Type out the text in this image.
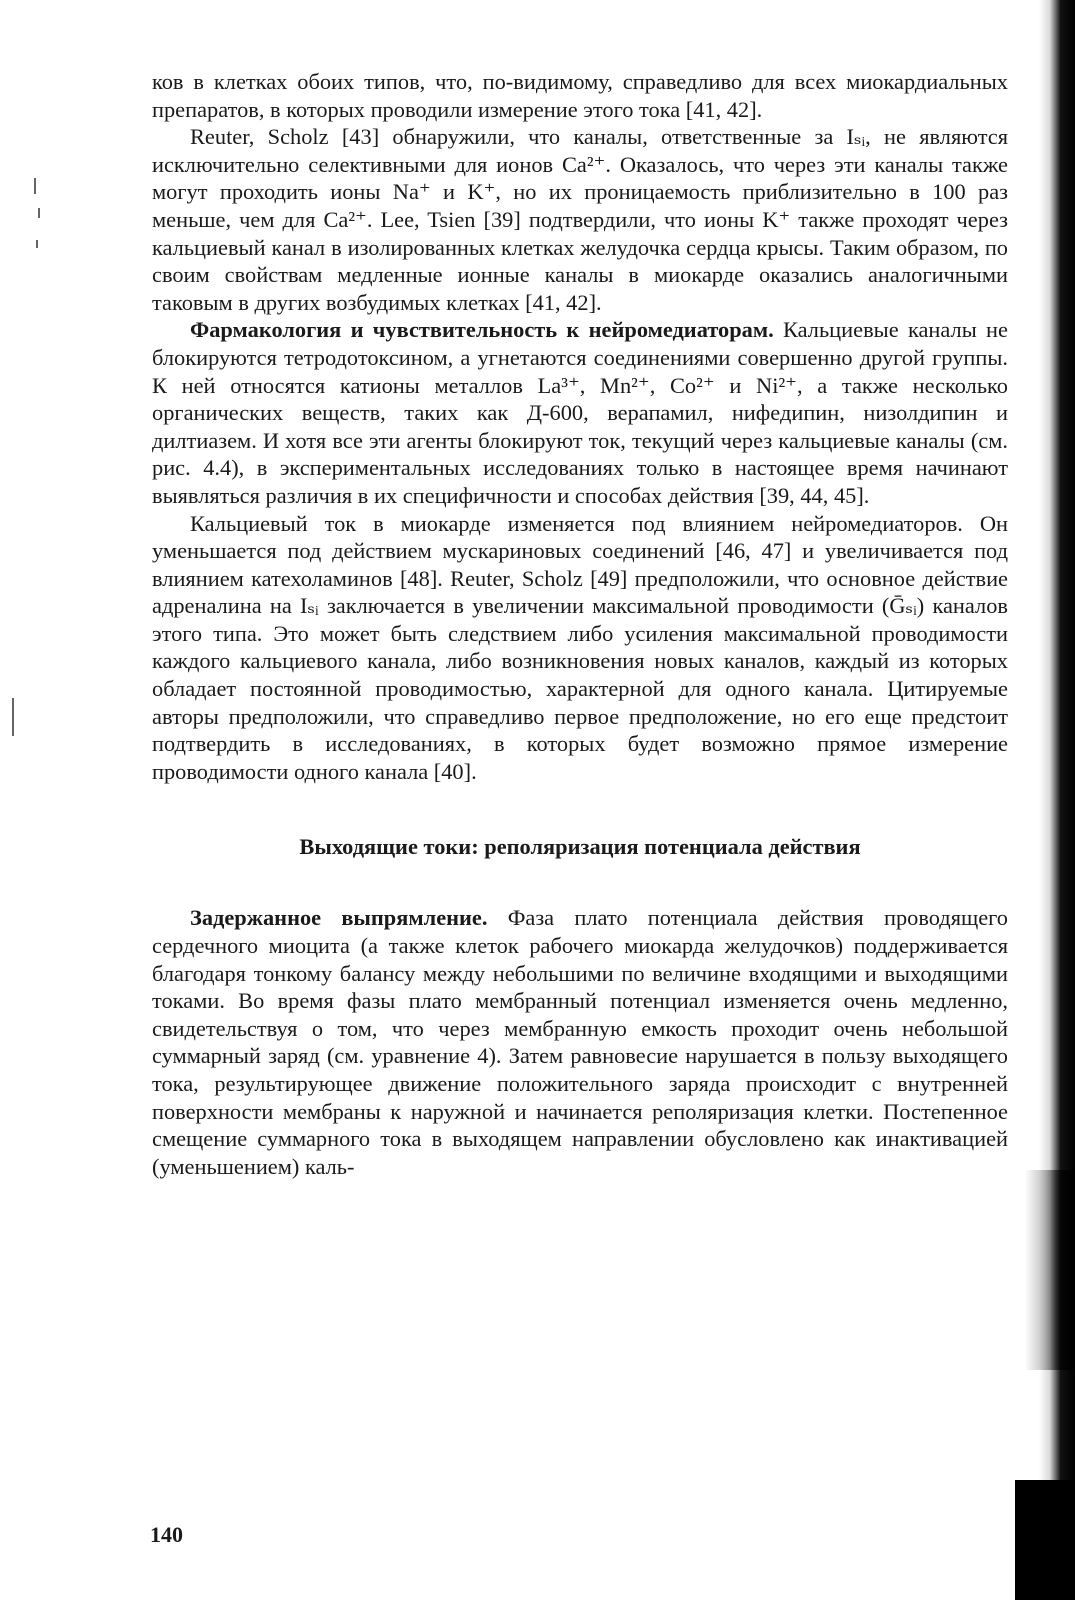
ков в клетках обоих типов, что, по-видимому, справедливо для всех миокардиальных препаратов, в которых проводили измерение этого тока [41, 42].

Reuter, Scholz [43] обнаружили, что каналы, ответственные за Iₛᵢ, не являются исключительно селективными для ионов Ca²⁺. Оказалось, что через эти каналы также могут проходить ионы Na⁺ и K⁺, но их проницаемость приблизительно в 100 раз меньше, чем для Ca²⁺. Lee, Tsien [39] подтвердили, что ионы K⁺ также проходят через кальциевый канал в изолированных клетках желудочка сердца крысы. Таким образом, по своим свойствам медленные ионные каналы в миокарде оказались аналогичными таковым в других возбудимых клетках [41, 42].

Фармакология и чувствительность к нейромедиаторам. Кальциевые каналы не блокируются тетродотоксином, а угнетаются соединениями совершенно другой группы. К ней относятся катионы металлов La³⁺, Mn²⁺, Co²⁺ и Ni²⁺, а также несколько органических веществ, таких как Д-600, верапамил, нифедипин, низолдипин и дилтиазем. И хотя все эти агенты блокируют ток, текущий через кальциевые каналы (см. рис. 4.4), в экспериментальных исследованиях только в настоящее время начинают выявляться различия в их специфичности и способах действия [39, 44, 45].

Кальциевый ток в миокарде изменяется под влиянием нейромедиаторов. Он уменьшается под действием мускариновых соединений [46, 47] и увеличивается под влиянием катехоламинов [48]. Reuter, Scholz [49] предположили, что основное действие адреналина на Iₛᵢ заключается в увеличении максимальной проводимости (Ḡₛᵢ) каналов этого типа. Это может быть следствием либо усиления максимальной проводимости каждого кальциевого канала, либо возникновения новых каналов, каждый из которых обладает постоянной проводимостью, характерной для одного канала. Цитируемые авторы предположили, что справедливо первое предположение, но его еще предстоит подтвердить в исследованиях, в которых будет возможно прямое измерение проводимости одного канала [40].

Выходящие токи: реполяризация потенциала действия

Задержанное выпрямление. Фаза плато потенциала действия проводящего сердечного миоцита (а также клеток рабочего миокарда желудочков) поддерживается благодаря тонкому балансу между небольшими по величине входящими и выходящими токами. Во время фазы плато мембранный потенциал изменяется очень медленно, свидетельствуя о том, что через мембранную емкость проходит очень небольшой суммарный заряд (см. уравнение 4). Затем равновесие нарушается в пользу выходящего тока, результирующее движение положительного заряда происходит с внутренней поверхности мембраны к наружной и начинается реполяризация клетки. Постепенное смещение суммарного тока в выходящем направлении обусловлено как инактивацией (уменьшением) каль-

140
